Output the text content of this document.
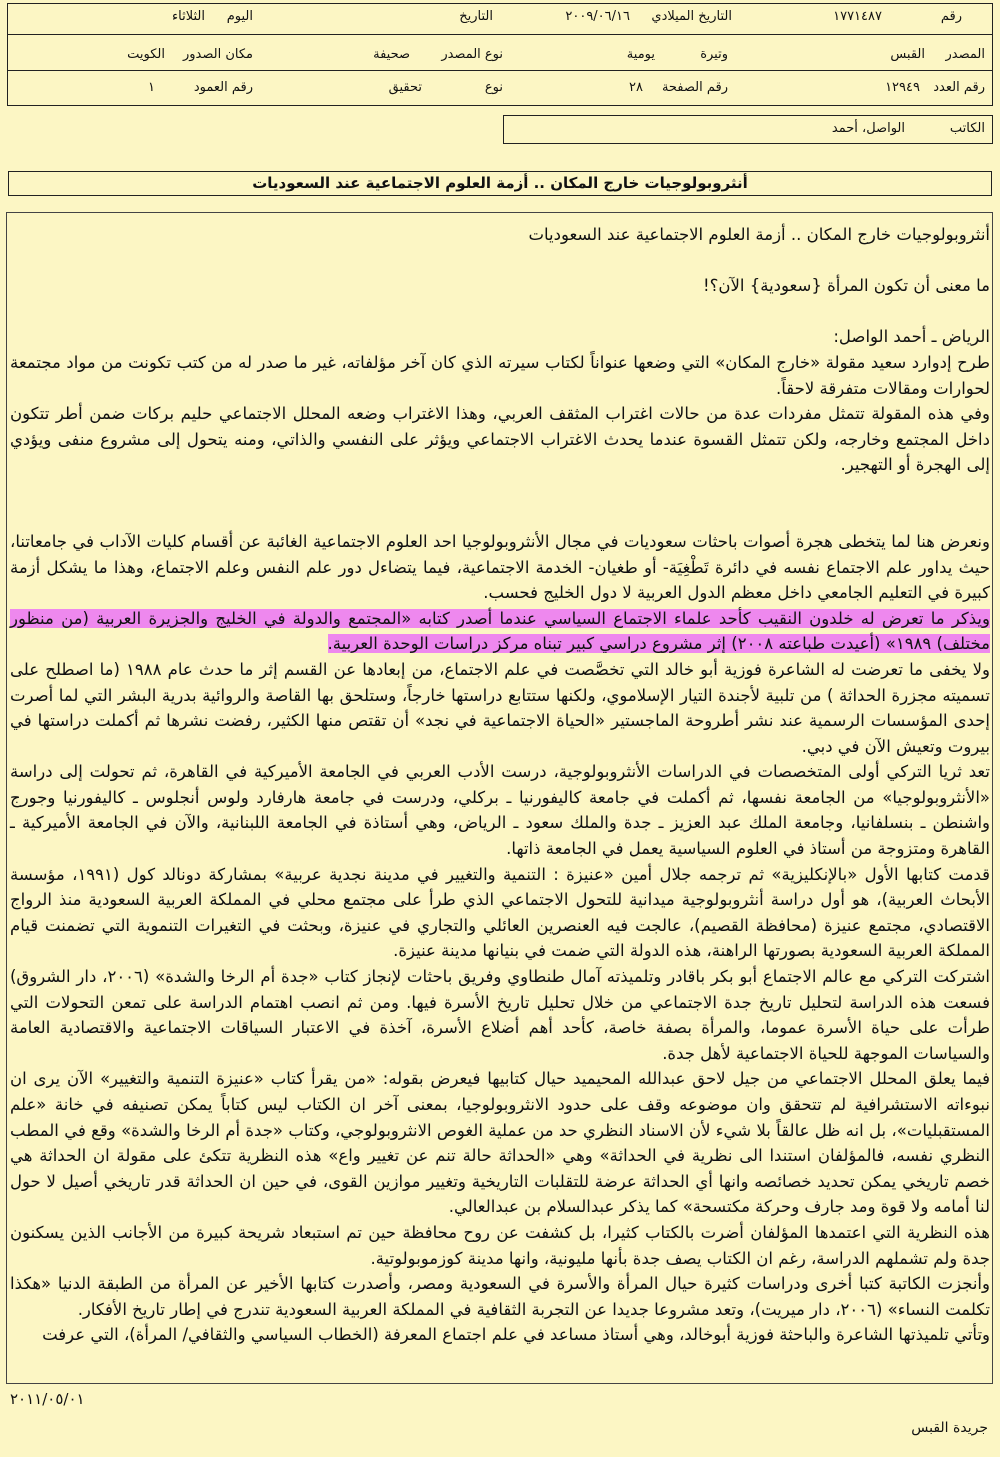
رقم
١٧٧١٤٨٧
التاريخ الميلادي
٢٠٠٩/٠٦/١٦
التاريخ
اليوم
الثلاثاء
المصدر
القبس
وتيرة
يومية
نوع المصدر
صحيفة
مكان الصدور
الكويت
رقم العدد
١٢٩٤٩
رقم الصفحة
٢٨
نوع
تحقيق
رقم العمود
١
الكاتب
الواصل، أحمد
أنثروبولوجيات خارج المكان .. أزمة العلوم الاجتماعية عند السعوديات

أنثروبولوجيات خارج المكان .. أزمة العلوم الاجتماعية عند السعوديات

ما معنى أن تكون المرأة {سعودية} الآن؟!

الرياض ـ أحمد الواصل:

طرح إدوارد سعيد مقولة «خارج المكان» التي وضعها عنواناً لكتاب سيرته الذي كان آخر مؤلفاته، غير ما صدر له من كتب تكونت من مواد مجتمعة لحوارات ومقالات متفرقة لاحقاً.

وفي هذه المقولة تتمثل مفردات عدة من حالات اغتراب المثقف العربي، وهذا الاغتراب وضعه المحلل الاجتماعي حليم بركات ضمن أطر تتكون داخل المجتمع وخارجه، ولكن تتمثل القسوة عندما يحدث الاغتراب الاجتماعي ويؤثر على النفسي والذاتي، ومنه يتحول إلى مشروع منفى ويؤدي إلى الهجرة أو التهجير.

ونعرض هنا لما يتخطى هجرة أصوات باحثات سعوديات في مجال الأنثروبولوجيا احد العلوم الاجتماعية الغائبة عن أقسام كليات الآداب في جامعاتنا، حيث يداور علم الاجتماع نفسه في دائرة تَطْغِيَة- أو طغيان- الخدمة الاجتماعية، فيما يتضاءل دور علم النفس وعلم الاجتماع، وهذا ما يشكل أزمة كبيرة في التعليم الجامعي داخل معظم الدول العربية لا دول الخليج فحسب.

ويذكر ما تعرض له خلدون النقيب كأحد علماء الاجتماع السياسي عندما أصدر كتابه «المجتمع والدولة في الخليج والجزيرة العربية (من منظور مختلف) ١٩٨٩» (أعيدت طباعته ٢٠٠٨) إثر مشروع دراسي كبير تبناه مركز دراسات الوحدة العربية.

ولا يخفى ما تعرضت له الشاعرة فوزية أبو خالد التي تخصَّصت في علم الاجتماع، من إبعادها عن القسم إثر ما حدث عام ١٩٨٨ (ما اصطلح على تسميته مجزرة الحداثة ) من تلبية لأجندة التيار الإسلاموي، ولكنها ستتابع دراستها خارجاً، وستلحق بها القاصة والروائية بدرية البشر التي لما أصرت إحدى المؤسسات الرسمية عند نشر أطروحة الماجستير «الحياة الاجتماعية في نجد» أن تقتص منها الكثير، رفضت نشرها ثم أكملت دراستها في بيروت وتعيش الآن في دبي.

تعد ثريا التركي أولى المتخصصات في الدراسات الأنثروبولوجية، درست الأدب العربي في الجامعة الأميركية في القاهرة، ثم تحولت إلى دراسة «الأنثروبولوجيا» من الجامعة نفسها، ثم أكملت في جامعة كاليفورنيا ـ بركلي، ودرست في جامعة هارفارد ولوس أنجلوس ـ كاليفورنيا وجورج واشنطن ـ بنسلفانيا، وجامعة الملك عبد العزيز ـ جدة والملك سعود ـ الرياض، وهي أستاذة في الجامعة اللبنانية، والآن في الجامعة الأميركية ـ القاهرة ومتزوجة من أستاذ في العلوم السياسية يعمل في الجامعة ذاتها.

قدمت كتابها الأول «بالإنكليزية» ثم ترجمه جلال أمين «عنيزة : التنمية والتغيير في مدينة نجدية عربية» بمشاركة دونالد كول (١٩٩١، مؤسسة الأبحاث العربية)، هو أول دراسة أنثروبولوجية ميدانية للتحول الاجتماعي الذي طرأ على مجتمع محلي في المملكة العربية السعودية منذ الرواج الاقتصادي، مجتمع عنيزة (محافظة القصيم)، عالجت فيه العنصرين العائلي والتجاري في عنيزة، وبحثت في التغيرات التنموية التي تضمنت قيام المملكة العربية السعودية بصورتها الراهنة، هذه الدولة التي ضمت في بنيانها مدينة عنيزة.

اشتركت التركي مع عالم الاجتماع أبو بكر باقادر وتلميذته آمال طنطاوي وفريق باحثات لإنجاز كتاب «جدة أم الرخا والشدة» (٢٠٠٦، دار الشروق) فسعت هذه الدراسة لتحليل تاريخ جدة الاجتماعي من خلال تحليل تاريخ الأسرة فيها. ومن ثم انصب اهتمام الدراسة على تمعن التحولات التي طرأت على حياة الأسرة عموما، والمرأة بصفة خاصة، كأحد أهم أضلاع الأسرة، آخذة في الاعتبار السياقات الاجتماعية والاقتصادية العامة والسياسات الموجهة للحياة الاجتماعية لأهل جدة.

فيما يعلق المحلل الاجتماعي من جيل لاحق عبدالله المحيميد حيال كتابيها فيعرض بقوله: «من يقرأ كتاب «عنيزة التنمية والتغيير» الآن يرى ان نبوءاته الاستشرافية لم تتحقق وان موضوعه وقف على حدود الانثروبولوجيا، بمعنى آخر ان الكتاب ليس كتاباً يمكن تصنيفه في خانة «علم المستقبليات»، بل انه ظل عالقاً بلا شيء لأن الاسناد النظري حد من عملية الغوص الانثروبولوجي، وكتاب «جدة أم الرخا والشدة» وقع في المطب النظري نفسه، فالمؤلفان استندا الى نظرية في الحداثة» وهي «الحداثة حالة تنم عن تغيير واع» هذه النظرية تتكئ على مقولة ان الحداثة هي خصم تاريخي يمكن تحديد خصائصه وانها أي الحداثة عرضة للتقلبات التاريخية وتغيير موازين القوى، في حين ان الحداثة قدر تاريخي أصيل لا حول لنا أمامه ولا قوة ومد جارف وحركة مكتسحة» كما يذكر عبدالسلام بن عبدالعالي.

هذه النظرية التي اعتمدها المؤلفان أضرت بالكتاب كثيرا، بل كشفت عن روح محافظة حين تم استبعاد شريحة كبيرة من الأجانب الذين يسكنون جدة ولم تشملهم الدراسة، رغم ان الكتاب يصف جدة بأنها مليونية، وانها مدينة كوزموبولوتية.

وأنجزت الكاتبة كتبا أخرى ودراسات كثيرة حيال المرأة والأسرة في السعودية ومصر، وأصدرت كتابها الأخير عن المرأة من الطبقة الدنيا «هكذا تكلمت النساء» (٢٠٠٦، دار ميريت)، وتعد مشروعا جديدا عن التجربة الثقافية في المملكة العربية السعودية تندرج في إطار تاريخ الأفكار.

وتأتي تلميذتها الشاعرة والباحثة فوزية أبوخالد، وهي أستاذ مساعد في علم اجتماع المعرفة (الخطاب السياسي والثقافي/ المرأة)، التي عرفت

٢٠١١/٠٥/٠١
جريدة القبس
